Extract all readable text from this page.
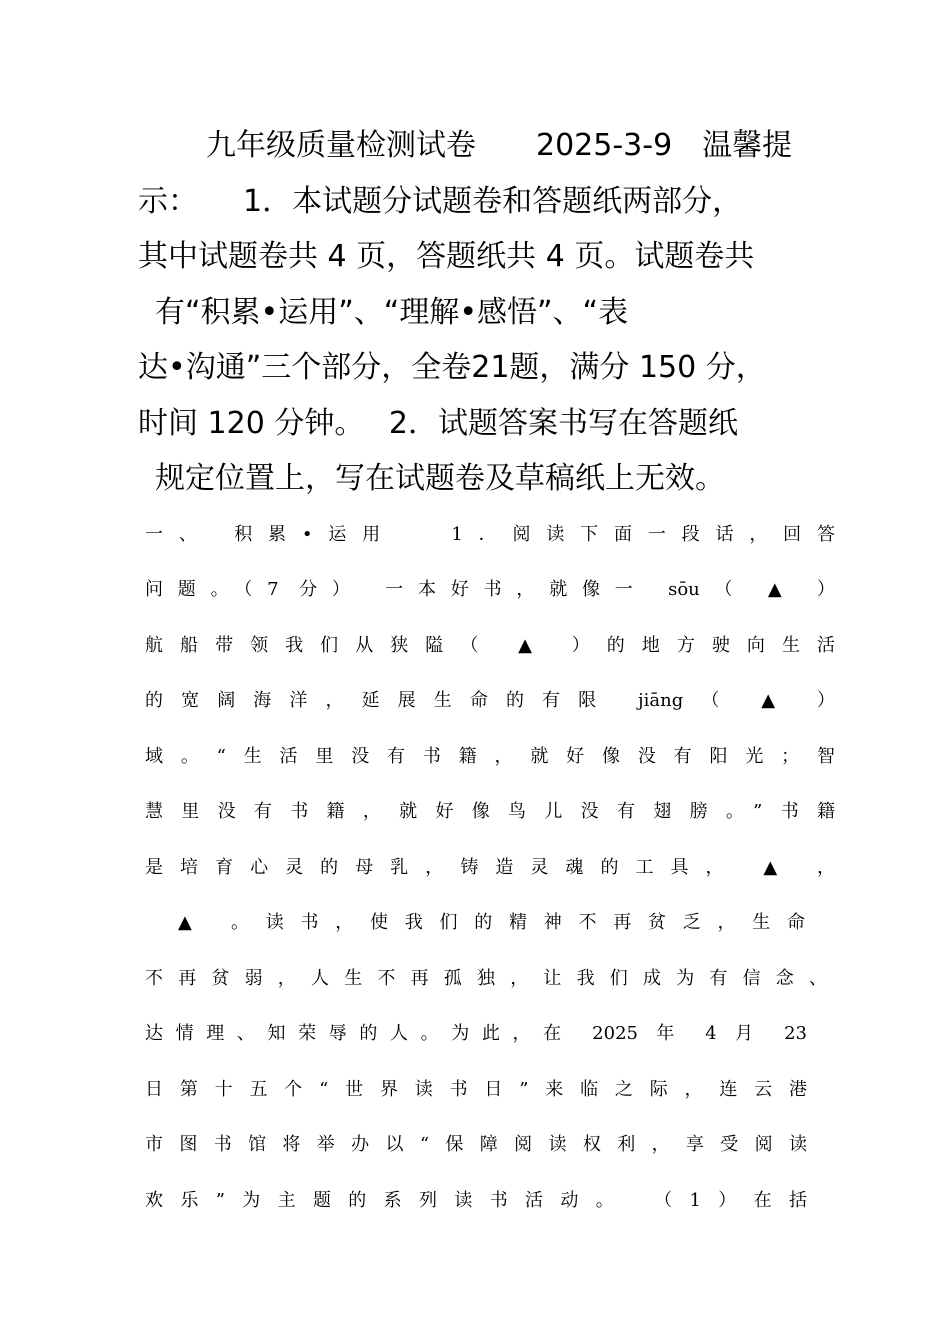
九年级质量检测试卷　　2025-3-9　温馨提
示：　　1．本试题分试题卷和答题纸两部分，
其中试题卷共 4 页，答题纸共 4 页。试题卷共
有“积累•运用”、“理解•感悟”、“表
达•沟通”三个部分，全卷21题，满分 150 分，
时间 120 分钟。　 2．试题答案书写在答题纸
规定位置上，写在试题卷及草稿纸上无效。
一、 积累•运用 　1．阅读下面一段话，回答
问题。（7 分） 一本好书，就像一 sōu（ ▲ ）
航船带领我们从狭隘（ ▲ ）的地方驶向生活
的宽阔海洋，延展生命的有限 jiāng（ ▲ ）
域。“生活里没有书籍，就好像没有阳光；智
慧里没有书籍，就好像鸟儿没有翅膀。”书籍
是培育心灵的母乳，铸造灵魂的工具， ▲ ，
▲ 。读书，使我们的精神不再贫乏，生命
不再贫弱，人生不再孤独，让我们成为有信念、
达情理、知荣辱的人。为此，在 2025 年 4 月 23
日第十五个“世界读书日”来临之际，连云港
市图书馆将举办以“保障阅读权利，享受阅读
欢乐”为主题的系列读书活动。 （1）在括
